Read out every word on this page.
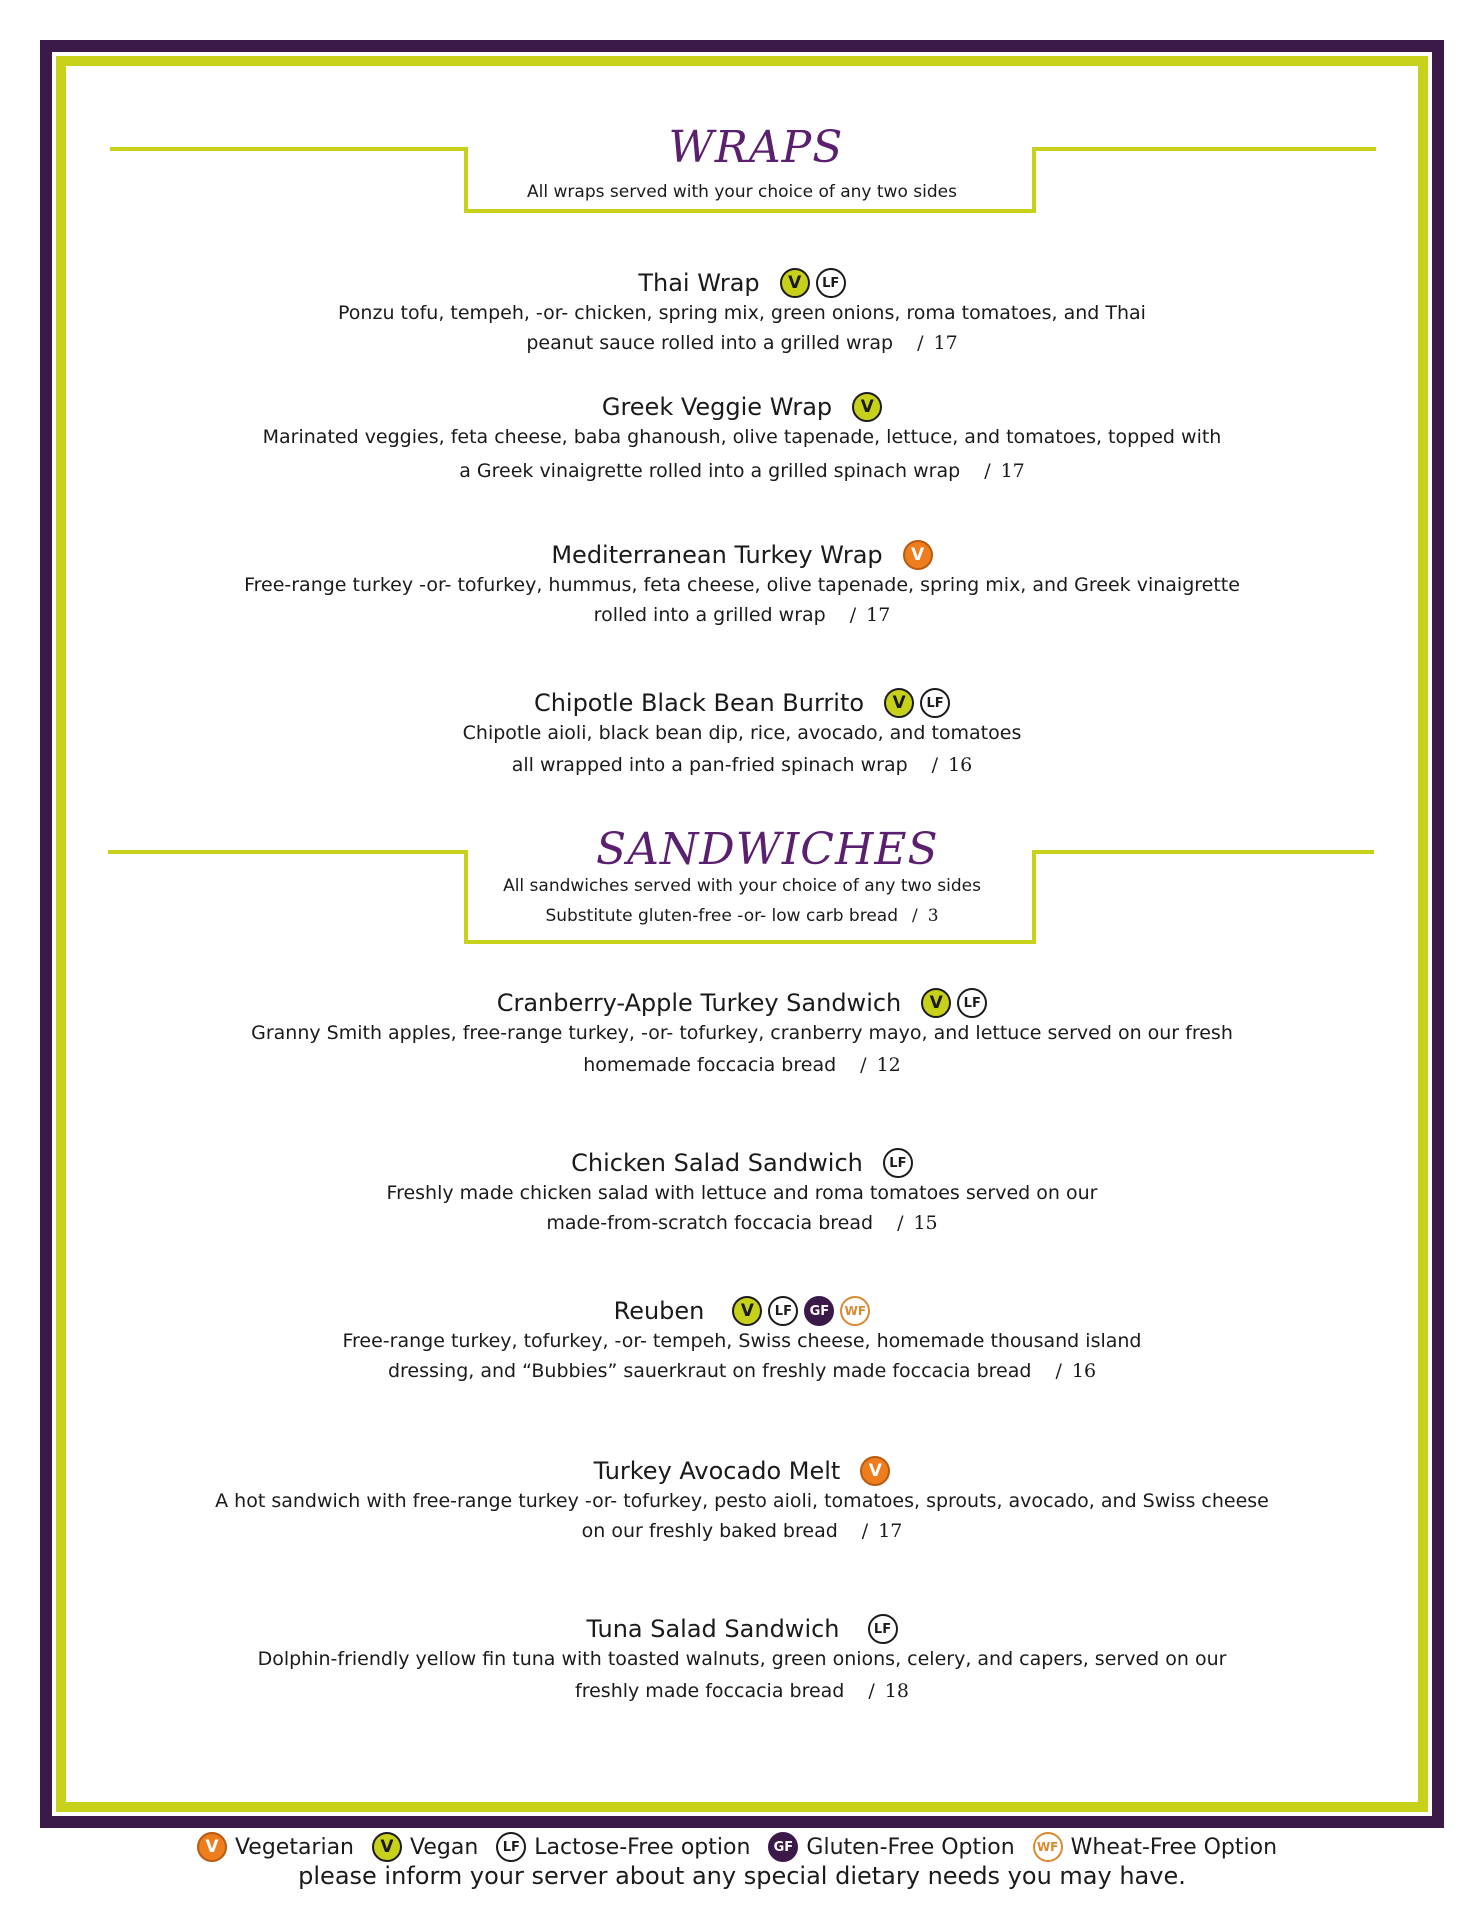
WRAPS
All wraps served with your choice of any two sides
Thai Wrap	V	LF
Ponzu tofu, tempeh, -or- chicken, spring mix, green onions, roma tomatoes, and Thai
peanut sauce rolled into a grilled wrap / 17
Greek Veggie Wrap	V
Marinated veggies, feta cheese, baba ghanoush, olive tapenade, lettuce, and tomatoes, topped with
a Greek vinaigrette rolled into a grilled spinach wrap / 17
Mediterranean Turkey Wrap	V
Free-range turkey -or- tofurkey, hummus, feta cheese, olive tapenade, spring mix, and Greek vinaigrette
rolled into a grilled wrap / 17
Chipotle Black Bean Burrito	V	LF
Chipotle aioli, black bean dip, rice, avocado, and tomatoes
all wrapped into a pan-fried spinach wrap / 16
SANDWICHES
All sandwiches served with your choice of any two sides
Substitute gluten-free -or- low carb bread / 3
Cranberry-Apple Turkey Sandwich	V	LF
Granny Smith apples, free-range turkey, -or- tofurkey, cranberry mayo, and lettuce served on our fresh
homemade foccacia bread / 12
Chicken Salad Sandwich	LF
Freshly made chicken salad with lettuce and roma tomatoes served on our
made-from-scratch foccacia bread / 15
Reuben	V	LF	GF	WF
Free-range turkey, tofurkey, -or- tempeh, Swiss cheese, homemade thousand island
dressing, and “Bubbies” sauerkraut on freshly made foccacia bread / 16
Turkey Avocado Melt	V
A hot sandwich with free-range turkey -or- tofurkey, pesto aioli, tomatoes, sprouts, avocado, and Swiss cheese
on our freshly baked bread / 17
Tuna Salad Sandwich	LF
Dolphin-friendly yellow fin tuna with toasted walnuts, green onions, celery, and capers, served on our
freshly made foccacia bread / 18
V Vegetarian	V Vegan	LF Lactose-Free option	GF Gluten-Free Option	WF Wheat-Free Option
please inform your server about any special dietary needs you may have.
